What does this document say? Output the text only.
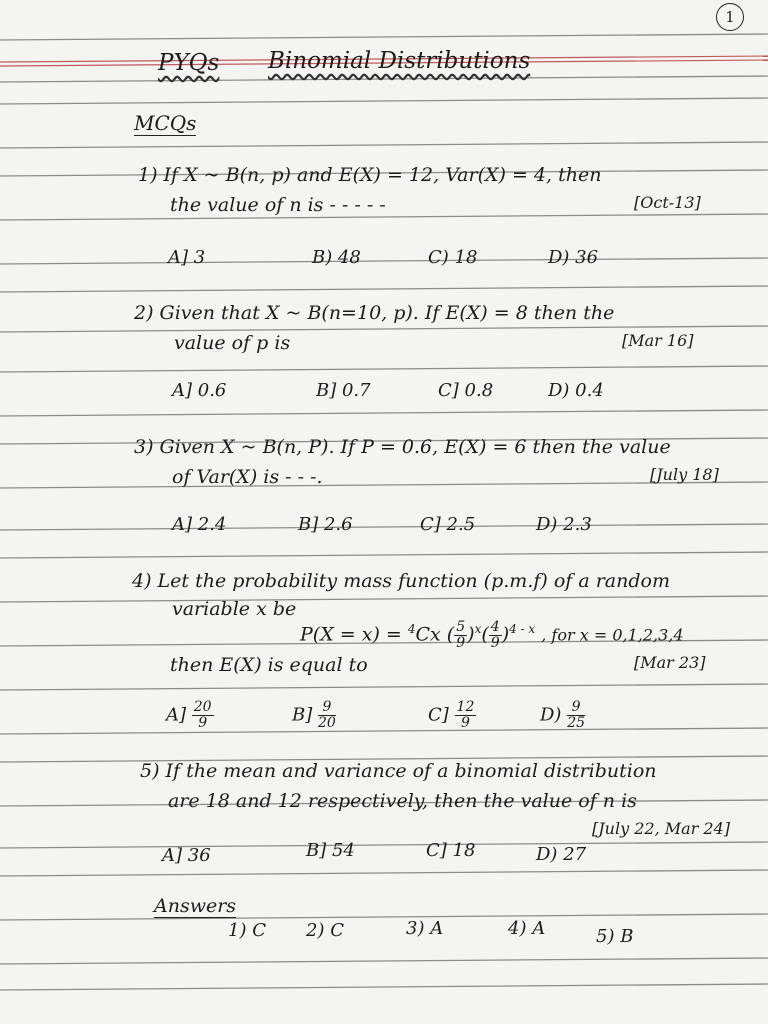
1
PYQs Binomial Distributions
MCQs
1) If X ~ B(n, p) and E(X) = 12, Var(X) = 4, then
the value of n is - - - - -	[Oct-13]
A] 3	B) 48	C) 18	D) 36
2) Given that X ~ B(n=10, p). If E(X) = 8 then the
value of p is	[Mar 16]
A] 0.6	B] 0.7	C] 0.8	D) 0.4
3) Given X ~ B(n, P). If P = 0.6, E(X) = 6 then the value
of Var(X) is - - -.	[July 18]
A] 2.4	B] 2.6	C] 2.5	D) 2.3
4) Let the probability mass function (p.m.f) of a random
variable x be
P(X = x) = $^4$Cx ( $\frac{5}{9} )^x( \frac{4}{9} )^{4 - x}$ , for x = 0,1,2,3,4
then E(X) is equal to	[Mar 23]
$A] \frac{20}{9}$	$B] \frac{9}{20}$	$C] \frac{12}{9}$	$D) \frac{9}{25}$
5) If the mean and variance of a binomial distribution
are 18 and 12 respectively, then the value of n is
[July 22, Mar 24]
A] 36	B] 54	C] 18	D) 27
Answers
1) C 2) C	3) A	4) A	5) B
